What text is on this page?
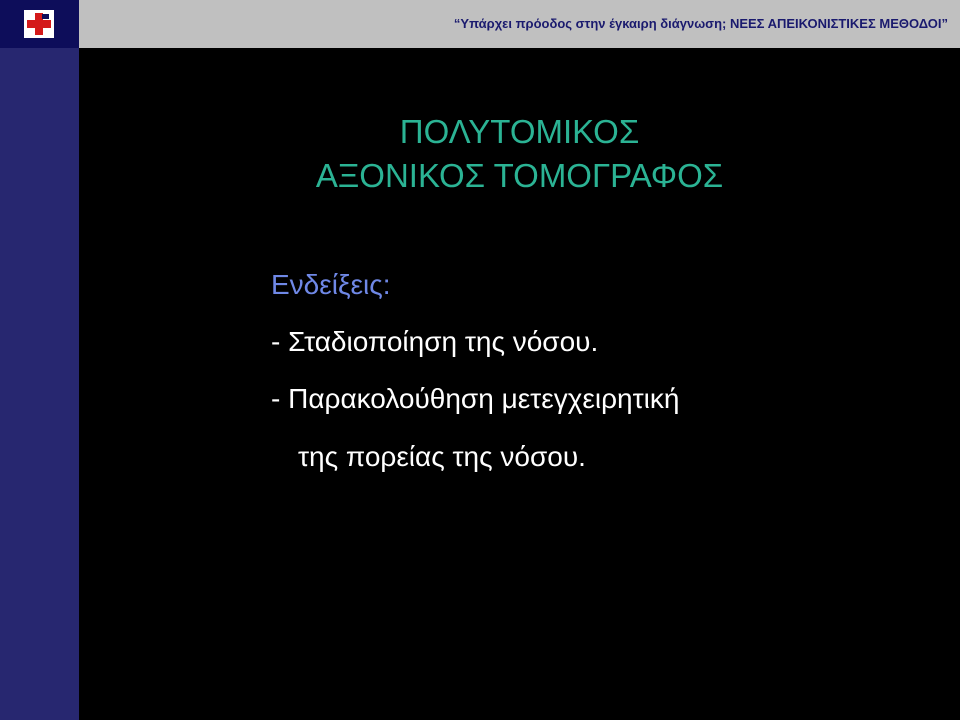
“Υπάρχει πρόοδος στην έγκαιρη διάγνωση; ΝΕΕΣ ΑΠΕΙΚΟΝΙΣΤΙΚΕΣ ΜΕΘΟΔΟΙ”
ΠΟΛΥΤΟΜΙΚΟΣ
ΑΞΟΝΙΚΟΣ ΤΟΜΟΓΡΑΦΟΣ
Ενδείξεις:
- Σταδιοποίηση της νόσου.
- Παρακολούθηση μετεγχειρητική
της πορείας της νόσου.
